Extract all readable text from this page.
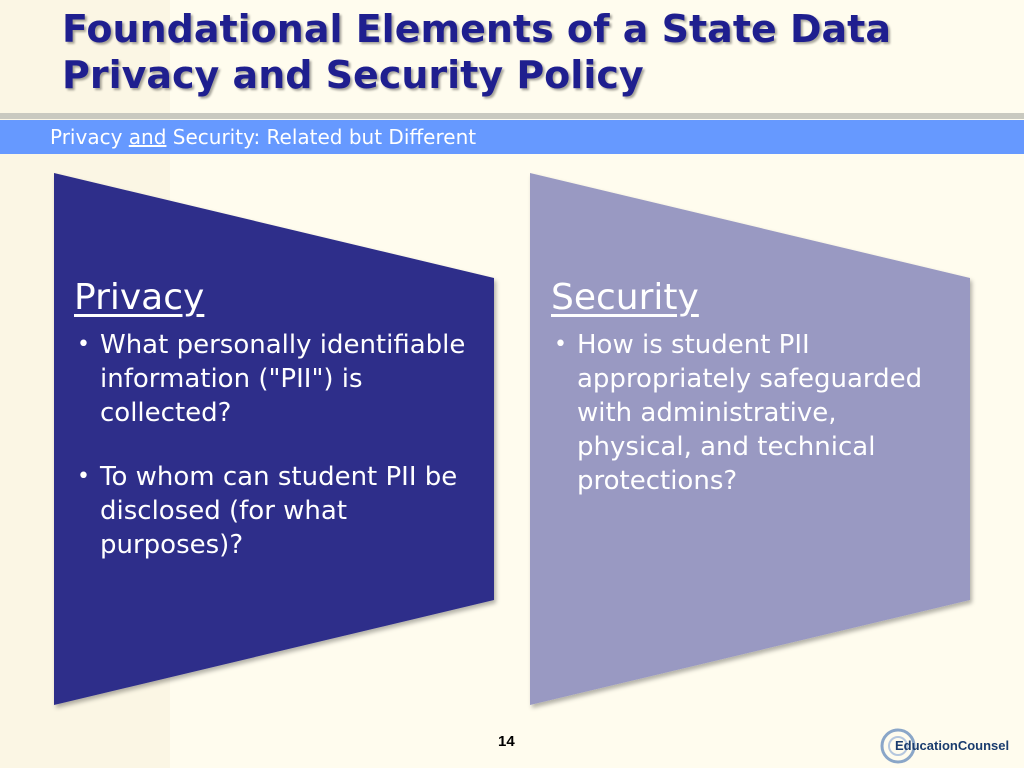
Foundational Elements of a State Data Privacy and Security Policy
Privacy and Security: Related but Different
Privacy
• What personally identifiable information ("PII") is collected?
• To whom can student PII be disclosed (for what purposes)?
Security
• How is student PII appropriately safeguarded with administrative, physical, and technical protections?
14	EducationCounsel
